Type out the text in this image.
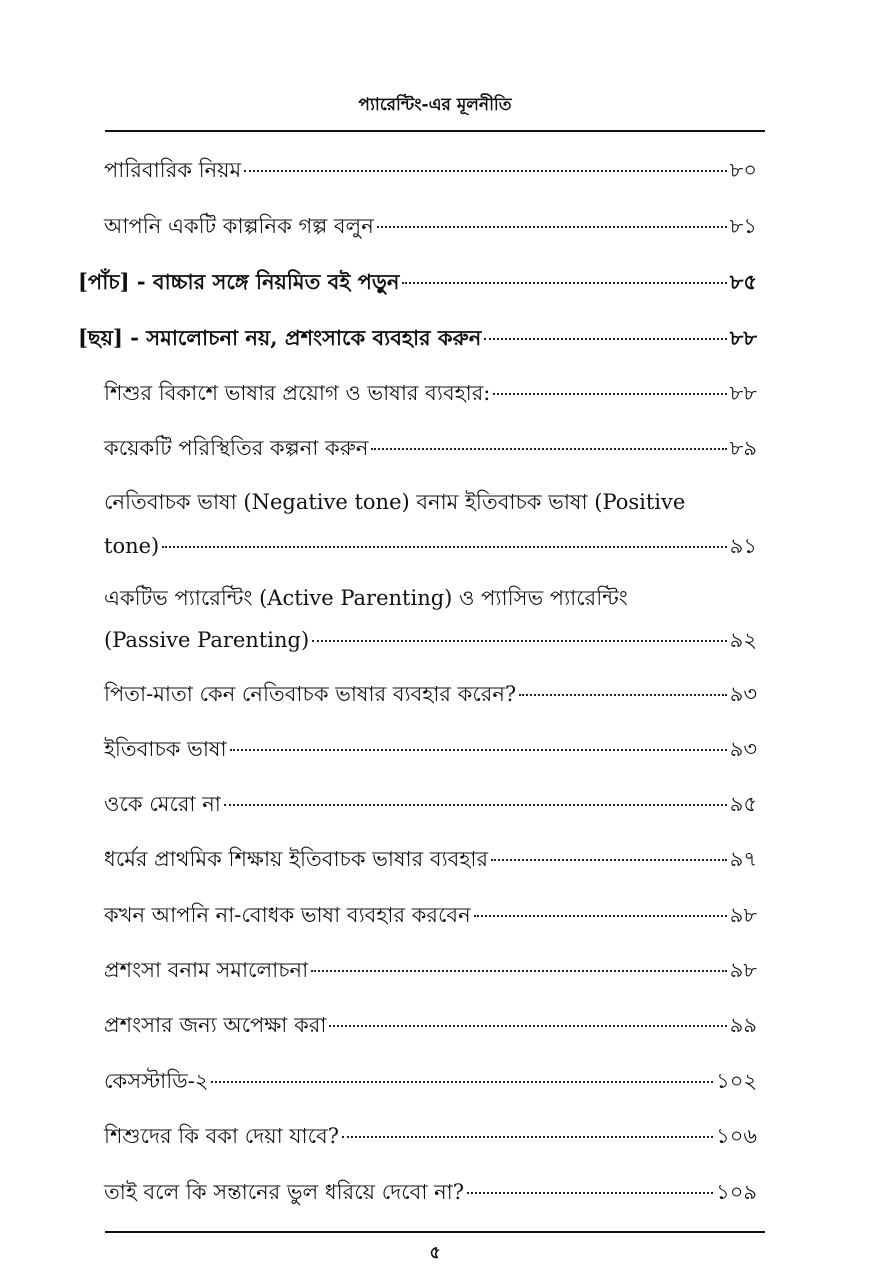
প্যারেন্টিং-এর মূলনীতি
পারিবারিক নিয়ম	৮০
আপনি একটি কাল্পনিক গল্প বলুন	৮১
[পাঁচ] - বাচ্চার সঙ্গে নিয়মিত বই পড়ুন	৮৫
[ছয়] - সমালোচনা নয়, প্রশংসাকে ব্যবহার করুন	৮৮
শিশুর বিকাশে ভাষার প্রয়োগ ও ভাষার ব্যবহার:	৮৮
কয়েকটি পরিস্থিতির কল্পনা করুন	৮৯
নেতিবাচক ভাষা (Negative tone) বনাম ইতিবাচক ভাষা (Positive
tone)	৯১
একটিভ প্যারেন্টিং (Active Parenting) ও প্যাসিভ প্যারেন্টিং
(Passive Parenting)	৯২
পিতা-মাতা কেন নেতিবাচক ভাষার ব্যবহার করেন?	৯৩
ইতিবাচক ভাষা	৯৩
ওকে মেরো না	৯৫
ধর্মের প্রাথমিক শিক্ষায় ইতিবাচক ভাষার ব্যবহার	৯৭
কখন আপনি না-বোধক ভাষা ব্যবহার করবেন	৯৮
প্রশংসা বনাম সমালোচনা	৯৮
প্রশংসার জন্য অপেক্ষা করা	৯৯
কেসস্টাডি-২	১০২
শিশুদের কি বকা দেয়া যাবে?	১০৬
তাই বলে কি সন্তানের ভুল ধরিয়ে দেবো না?	১০৯
৫
